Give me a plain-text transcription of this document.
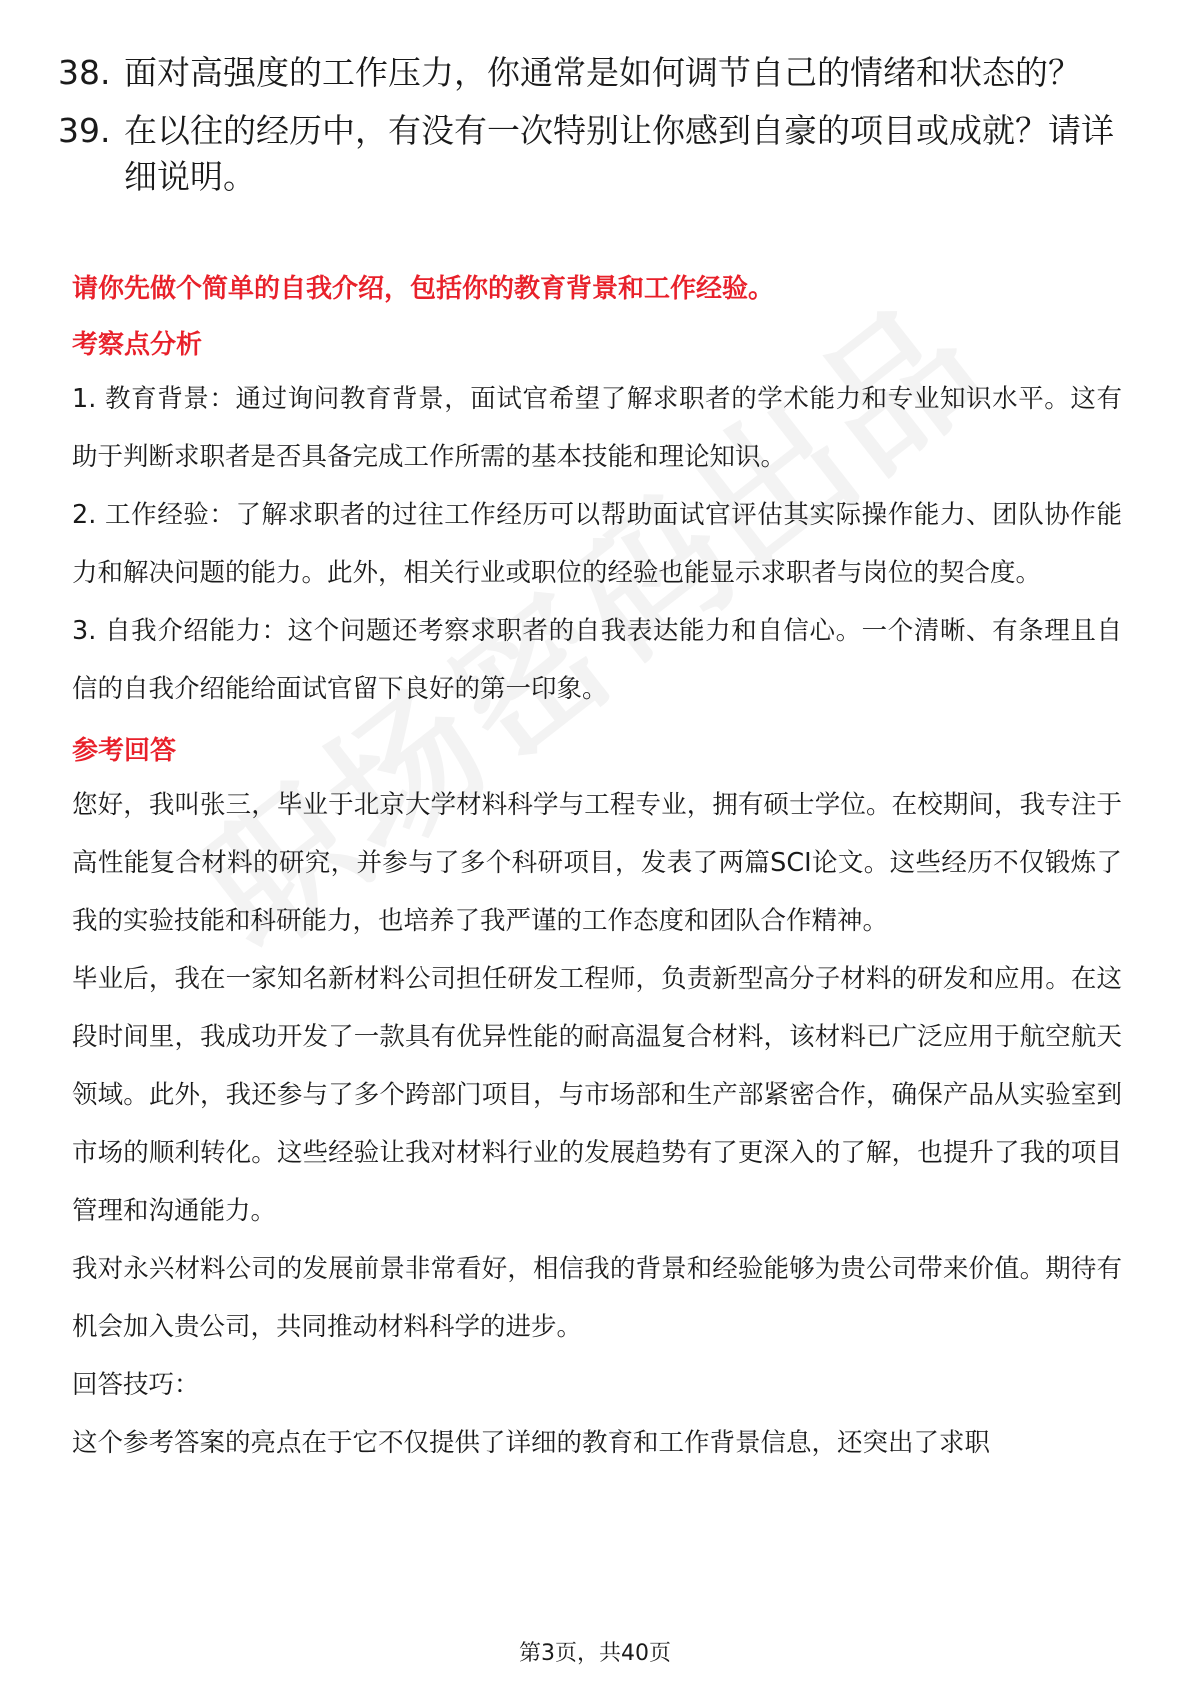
38. 面对高强度的工作压力，你通常是如何调节自己的情绪和状态的？
39. 在以往的经历中，有没有一次特别让你感到自豪的项目或成就？请详细说明。
请你先做个简单的自我介绍，包括你的教育背景和工作经验。
考察点分析

1. 教育背景：通过询问教育背景，面试官希望了解求职者的学术能力和专业知识水平。这有助于判断求职者是否具备完成工作所需的基本技能和理论知识。

2. 工作经验：了解求职者的过往工作经历可以帮助面试官评估其实际操作能力、团队协作能力和解决问题的能力。此外，相关行业或职位的经验也能显示求职者与岗位的契合度。

3. 自我介绍能力：这个问题还考察求职者的自我表达能力和自信心。一个清晰、有条理且自信的自我介绍能给面试官留下良好的第一印象。

参考回答

您好，我叫张三，毕业于北京大学材料科学与工程专业，拥有硕士学位。在校期间，我专注于高性能复合材料的研究，并参与了多个科研项目，发表了两篇SCI论文。这些经历不仅锻炼了我的实验技能和科研能力，也培养了我严谨的工作态度和团队合作精神。

毕业后，我在一家知名新材料公司担任研发工程师，负责新型高分子材料的研发和应用。在这段时间里，我成功开发了一款具有优异性能的耐高温复合材料，该材料已广泛应用于航空航天领域。此外，我还参与了多个跨部门项目，与市场部和生产部紧密合作，确保产品从实验室到市场的顺利转化。这些经验让我对材料行业的发展趋势有了更深入的了解，也提升了我的项目管理和沟通能力。

我对永兴材料公司的发展前景非常看好，相信我的背景和经验能够为贵公司带来价值。期待有机会加入贵公司，共同推动材料科学的进步。

回答技巧：

这个参考答案的亮点在于它不仅提供了详细的教育和工作背景信息，还突出了求职

第3页，共40页
